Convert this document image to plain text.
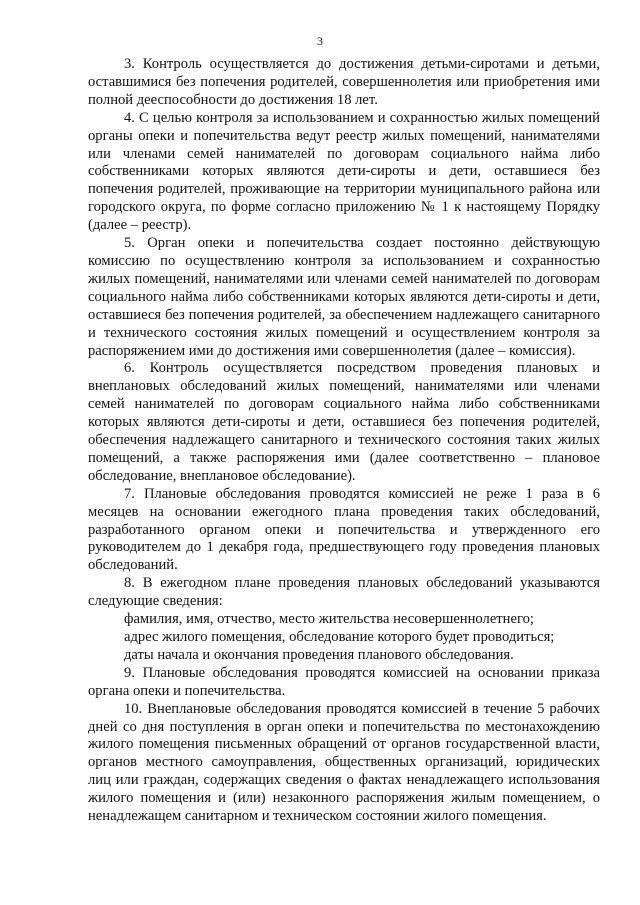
3

3. Контроль осуществляется до достижения детьми-сиротами и детьми, оставшимися без попечения родителей, совершеннолетия или приобретения ими полной дееспособности до достижения 18 лет.

4. С целью контроля за использованием и сохранностью жилых помещений органы опеки и попечительства ведут реестр жилых помещений, нанимателями или членами семей нанимателей по договорам социального найма либо собственниками которых являются дети-сироты и дети, оставшиеся без попечения родителей, проживающие на территории муниципального района или городского округа, по форме согласно приложению № 1 к настоящему Порядку (далее – реестр).

5. Орган опеки и попечительства создает постоянно действующую комиссию по осуществлению контроля за использованием и сохранностью жилых помещений, нанимателями или членами семей нанимателей по договорам социального найма либо собственниками которых являются дети-сироты и дети, оставшиеся без попечения родителей, за обеспечением надлежащего санитарного и технического состояния жилых помещений и осуществлением контроля за распоряжением ими до достижения ими совершеннолетия (далее – комиссия).

6. Контроль осуществляется посредством проведения плановых и внеплановых обследований жилых помещений, нанимателями или членами семей нанимателей по договорам социального найма либо собственниками которых являются дети-сироты и дети, оставшиеся без попечения родителей, обеспечения надлежащего санитарного и технического состояния таких жилых помещений, а также распоряжения ими (далее соответственно – плановое обследование, внеплановое обследование).

7. Плановые обследования проводятся комиссией не реже 1 раза в 6 месяцев на основании ежегодного плана проведения таких обследований, разработанного органом опеки и попечительства и утвержденного его руководителем до 1 декабря года, предшествующего году проведения плановых обследований.

8. В ежегодном плане проведения плановых обследований указываются следующие сведения:

фамилия, имя, отчество, место жительства несовершеннолетнего;

адрес жилого помещения, обследование которого будет проводиться;

даты начала и окончания проведения планового обследования.

9. Плановые обследования проводятся комиссией на основании приказа органа опеки и попечительства.

10. Внеплановые обследования проводятся комиссией в течение 5 рабочих дней со дня поступления в орган опеки и попечительства по местонахождению жилого помещения письменных обращений от органов государственной власти, органов местного самоуправления, общественных организаций, юридических лиц или граждан, содержащих сведения о фактах ненадлежащего использования жилого помещения и (или) незаконного распоряжения жилым помещением, о ненадлежащем санитарном и техническом состоянии жилого помещения.
